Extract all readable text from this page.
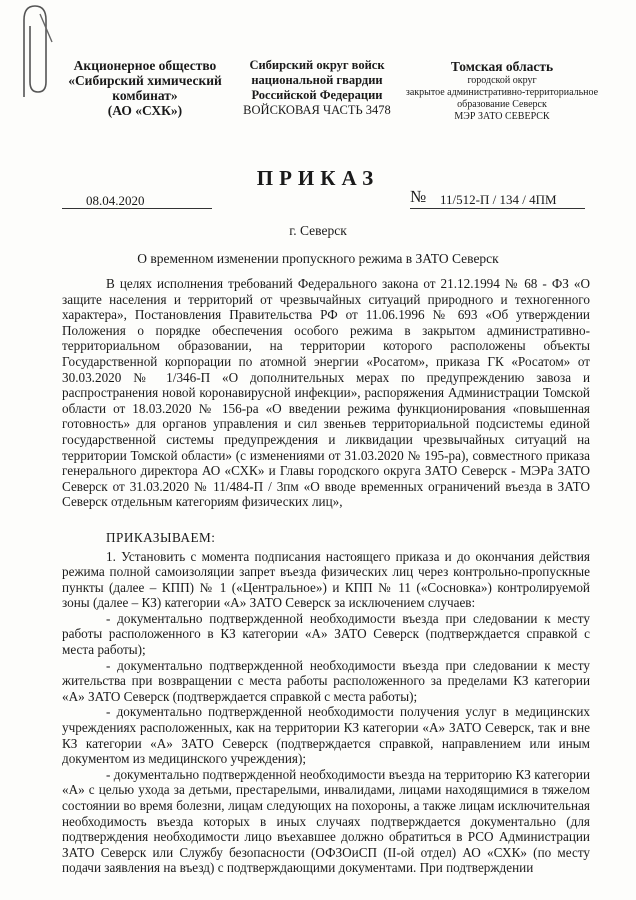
Акционерное общество
«Сибирский химический
комбинат»
(АО «СХК»)
Сибирский округ войск
национальной гвардии
Российской Федерации
ВОЙСКОВАЯ ЧАСТЬ 3478
Томская область
городской округ
закрытое административно-территориальное
образование Северск
МЭР ЗАТО СЕВЕРСК
ПРИКАЗ
08.04.2020	№ 11/512-П / 134 / 4ПМ
г. Северск
О временном изменении пропускного режима в ЗАТО Северск

В целях исполнения требований Федерального закона от 21.12.1994 № 68 - ФЗ «О защите населения и территорий от чрезвычайных ситуаций природного и техногенного характера», Постановления Правительства РФ от 11.06.1996 № 693 «Об утверждении Положения о порядке обеспечения особого режима в закрытом административно-территориальном образовании, на территории которого расположены объекты Государственной корпорации по атомной энергии «Росатом», приказа ГК «Росатом» от 30.03.2020 № 1/346-П «О дополнительных мерах по предупреждению завоза и распространения новой коронавирусной инфекции», распоряжения Администрации Томской области от 18.03.2020 № 156-ра «О введении режима функционирования «повышенная готовность» для органов управления и сил звеньев территориальной подсистемы единой государственной системы предупреждения и ликвидации чрезвычайных ситуаций на территории Томской области» (с изменениями от 31.03.2020 № 195-ра), совместного приказа генерального директора АО «СХК» и Главы городского округа ЗАТО Северск - МЭРа ЗАТО Северск от 31.03.2020 № 11/484-П / 3пм «О вводе временных ограничений въезда в ЗАТО Северск отдельным категориям физических лиц»,

ПРИКАЗЫВАЕМ:

1. Установить с момента подписания настоящего приказа и до окончания действия режима полной самоизоляции запрет въезда физических лиц через контрольно-пропускные пункты (далее – КПП) № 1 («Центральное») и КПП № 11 («Сосновка») контролируемой зоны (далее – КЗ) категории «А» ЗАТО Северск за исключением случаев:

- документально подтвержденной необходимости въезда при следовании к месту работы расположенного в КЗ категории «А» ЗАТО Северск (подтверждается справкой с места работы);

- документально подтвержденной необходимости въезда при следовании к месту жительства при возвращении с места работы расположенного за пределами КЗ категории «А» ЗАТО Северск (подтверждается справкой с места работы);

- документально подтвержденной необходимости получения услуг в медицинских учреждениях расположенных, как на территории КЗ категории «А» ЗАТО Северск, так и вне КЗ категории «А» ЗАТО Северск (подтверждается справкой, направлением или иным документом из медицинского учреждения);

- документально подтвержденной необходимости въезда на территорию КЗ категории «А» с целью ухода за детьми, престарелыми, инвалидами, лицами находящимися в тяжелом состоянии во время болезни, лицам следующих на похороны, а также лицам исключительная необходимость въезда которых в иных случаях подтверждается документально (для подтверждения необходимости лицо въехавшее должно обратиться в РСО Администрации ЗАТО Северск или Службу безопасности (ОФЗОиСП (II-ой отдел) АО «СХК» (по месту подачи заявления на въезд) с подтверждающими документами. При подтверждении
